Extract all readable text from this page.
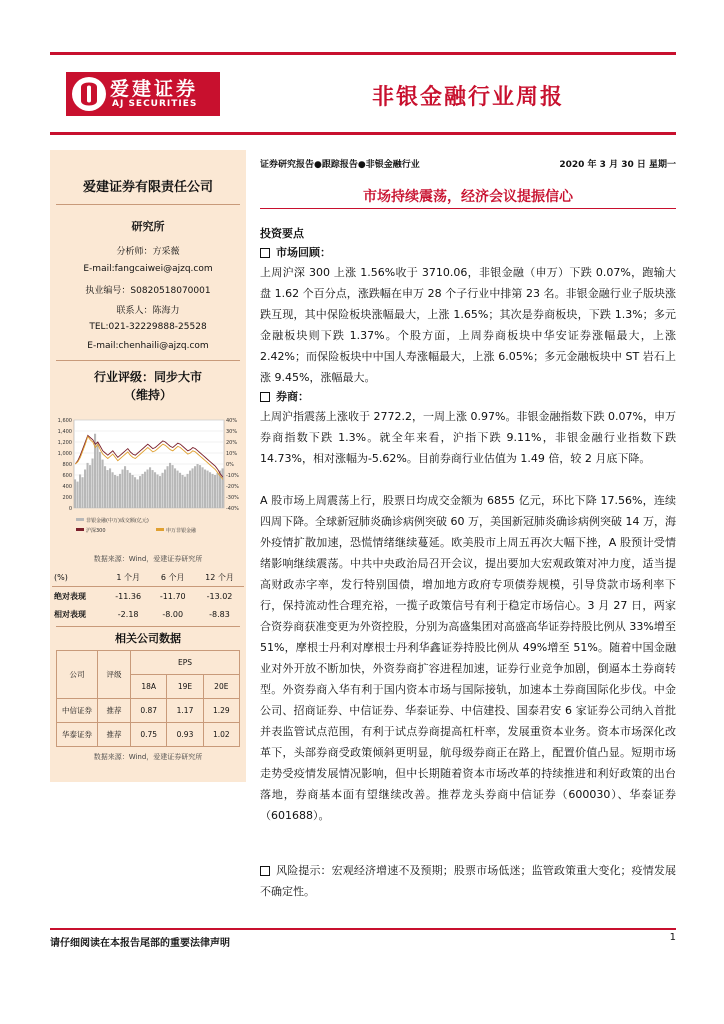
爱建证券
AJ SECURITIES	非银金融行业周报
爱建证券有限责任公司
研究所
分析师：方采薇
E-mail:fangcaiwei@ajzq.com
执业编号：S0820518070001
联系人：陈海力
TEL:021-32229888-25528
E-mail:chenhaili@ajzq.com
行业评级：同步大市
（维持）
1,600
1,400
1,200
1,000
800
600
400
200
0
40%
30%
20%
10%
0%
-10%
-20%
-30%
-40%
非银金融(中万)成交额(亿元)
沪深300	申万非银金融
数据来源：Wind，爱建证券研究所
(%)	1 个月	6 个月	12 个月
绝对表现	-11.36	-11.70	-13.02
相对表现	-2.18	-8.00	-8.83
相关公司数据
公司	评级	EPS		
		18A	19E	20E
中信证券	推荐	0.87	1.17	1.29
华泰证券	推荐	0.75	0.93	1.02
数据来源：Wind，爱建证券研究所
证券研究报告●跟踪报告●非银金融行业	2020 年 3 月 30 日 星期一
市场持续震荡，经济会议提振信心
投资要点
市场回顾：
上周沪深 300 上涨 1.56%收于 3710.06，非银金融（申万）下跌 0.07%，跑输大盘 1.62 个百分点，涨跌幅在申万 28 个子行业中排第 23 名。非银金融行业子版块涨跌互现，其中保险板块涨幅最大，上涨 1.65%；其次是券商板块，下跌 1.3%；多元金融板块则下跌 1.37%。个股方面，上周券商板块中华安证券涨幅最大，上涨 2.42%；而保险板块中中国人寿涨幅最大，上涨 6.05%；多元金融板块中 ST 岩石上涨 9.45%，涨幅最大。
券商：
上周沪指震荡上涨收于 2772.2，一周上涨 0.97%。非银金融指数下跌 0.07%，申万券商指数下跌 1.3%。就全年来看，沪指下跌 9.11%，非银金融行业指数下跌 14.73%，相对涨幅为-5.62%。目前券商行业估值为 1.49 倍，较 2 月底下降。
A 股市场上周震荡上行，股票日均成交金额为 6855 亿元，环比下降 17.56%，连续四周下降。全球新冠肺炎确诊病例突破 60 万，美国新冠肺炎确诊病例突破 14 万，海外疫情扩散加速，恐慌情绪继续蔓延。欧美股市上周五再次大幅下挫，A 股预计受情绪影响继续震荡。中共中央政治局召开会议，提出要加大宏观政策对冲力度，适当提高财政赤字率，发行特别国债，增加地方政府专项债券规模，引导贷款市场利率下行，保持流动性合理充裕，一揽子政策信号有利于稳定市场信心。3 月 27 日，两家合资券商获准变更为外资控股，分别为高盛集团对高盛高华证券持股比例从 33%增至 51%，摩根士丹利对摩根士丹利华鑫证券持股比例从 49%增至 51%。随着中国金融业对外开放不断加快，外资券商扩容进程加速，证券行业竞争加剧，倒逼本土券商转型。外资券商入华有利于国内资本市场与国际接轨，加速本土券商国际化步伐。中金公司、招商证券、中信证券、华泰证券、中信建投、国泰君安 6 家证券公司纳入首批并表监管试点范围，有利于试点券商提高杠杆率，发展重资本业务。资本市场深化改革下，头部券商受政策倾斜更明显，航母级券商正在路上，配置价值凸显。短期市场走势受疫情发展情况影响，但中长期随着资本市场改革的持续推进和利好政策的出台落地，券商基本面有望继续改善。推荐龙头券商中信证券（600030）、华泰证券（601688）。
风险提示：宏观经济增速不及预期；股票市场低迷；监管政策重大变化；疫情发展不确定性。
请仔细阅读在本报告尾部的重要法律声明
1
